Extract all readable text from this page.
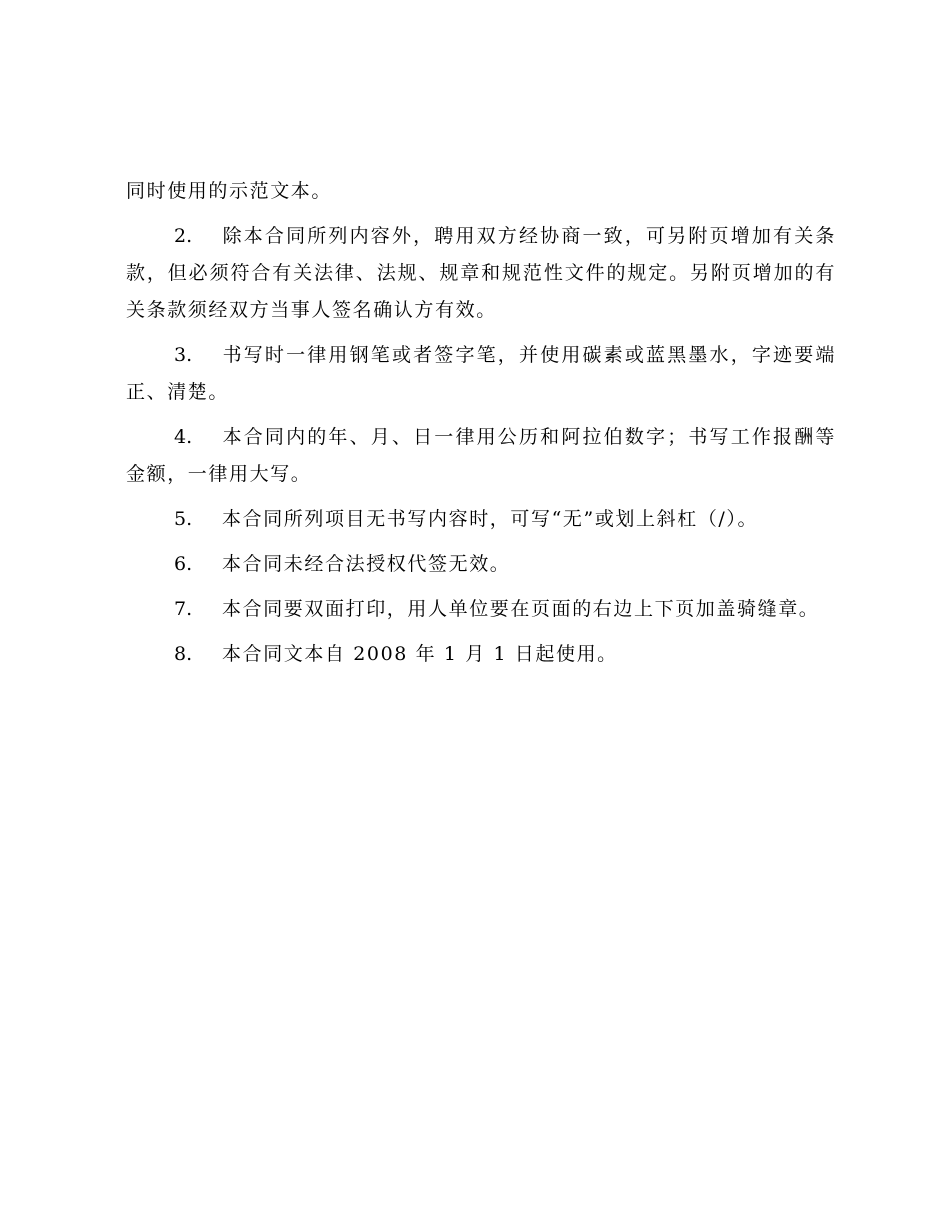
同时使用的示范文本。

2. 除本合同所列内容外，聘用双方经协商一致，可另附页增加有关条款，但必须符合有关法律、法规、规章和规范性文件的规定。另附页增加的有关条款须经双方当事人签名确认方有效。

3. 书写时一律用钢笔或者签字笔，并使用碳素或蓝黑墨水，字迹要端正、清楚。

4. 本合同内的年、月、日一律用公历和阿拉伯数字；书写工作报酬等金额，一律用大写。

5. 本合同所列项目无书写内容时，可写“无”或划上斜杠（/）。

6. 本合同未经合法授权代签无效。

7. 本合同要双面打印，用人单位要在页面的右边上下页加盖骑缝章。

8. 本合同文本自 2008 年 1 月 1 日起使用。
